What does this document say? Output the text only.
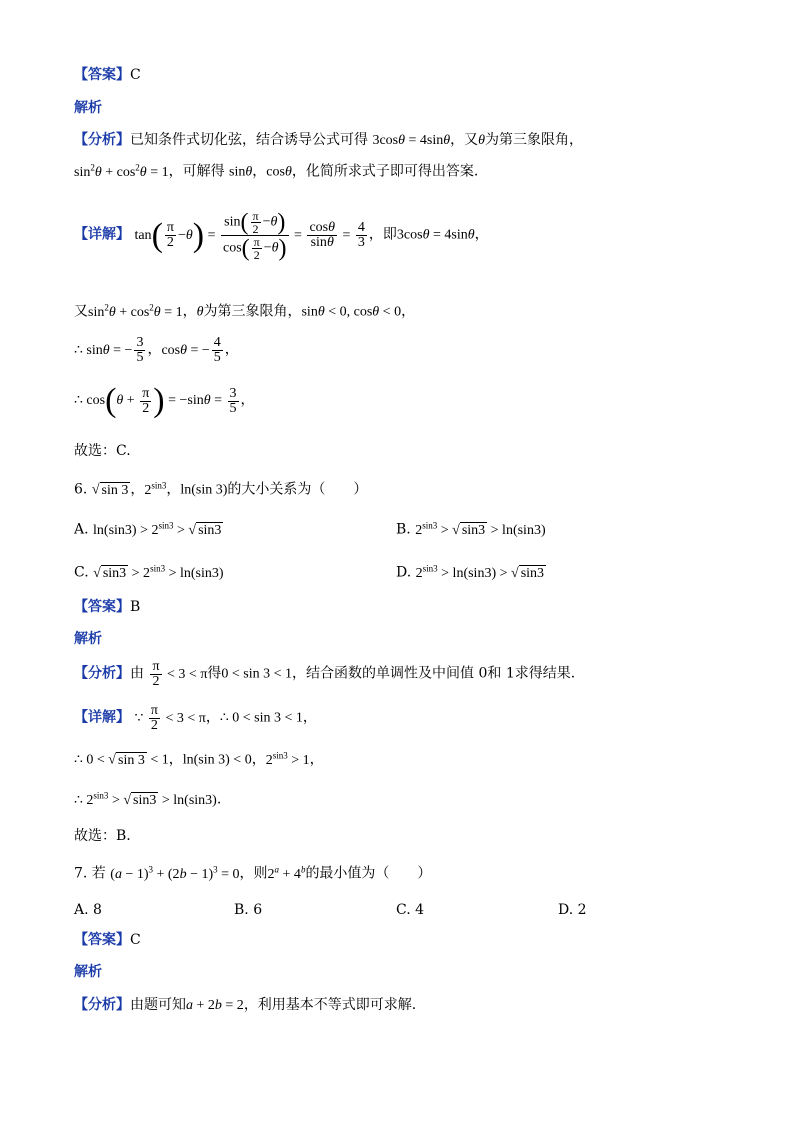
【答案】C
解析
【分析】已知条件式切化弦，结合诱导公式可得 3cosθ = 4sinθ，又θ为第三象限角，
$\sin^2\theta + \cos^2\theta = 1$，可解得 sinθ，cosθ，化简所求式子即可得出答案.
【详解】 $\tan( \frac{\pi}{2} -\theta) = \frac{\sin( \frac{\pi}{2} -\theta)}{\cos( \frac{\pi}{2} -\theta)} = \frac{\cos\theta}{\sin\theta} = \frac{4}{3}$ ，即3cosθ = 4sinθ，
又$\sin^2\theta + \cos^2\theta = 1$，θ为第三象限角，sinθ < 0, cosθ < 0，
∴ sinθ = − $\frac{3}{5}$ ，cosθ = − $\frac{4}{5}$ ，
∴ $\cos(\theta + \frac{\pi}{2}$ ) = $-\sin\theta = \frac{3}{5}$ ，
故选：C.
6. √ sin 3 ，$2^{sin3}$，ln(sin 3)的大小关系为（　　）
A. $\ln(\sin 3) > 2^{sin3}$ > √ sin3	B. $2^{sin3}$ > √ sin3 > ln(sin3)
C. √ $\sin 3 > 2^{sin3} > \ln(\sin 3)$	D. $2^{sin3} > \ln(\sin 3)$ > √ sin3
【答案】B
解析
【分析】由 $\frac{\pi}{2} < 3 < \pi$得0 < sin 3 < 1，结合函数的单调性及中间值 0和 1求得结果.
【详解】 ∵ $\frac{\pi}{2} < 3 < \pi$，∴ 0 < sin 3 < 1，
∴ 0 < √ sin 3 < 1，ln(sin 3) < 0，$2^{sin3} > 1$，
∴ $2^{sin3}$ > √ sin3 > ln(sin3).
故选：B.
7. 若 $(a - 1)^3 + (2b - 1)^3 = 0$，则$2^a + 4^b$的最小值为（　　）
A. 8	B. 6	C. 4	D. 2
【答案】C
解析
【分析】由题可知a + 2b = 2，利用基本不等式即可求解.
